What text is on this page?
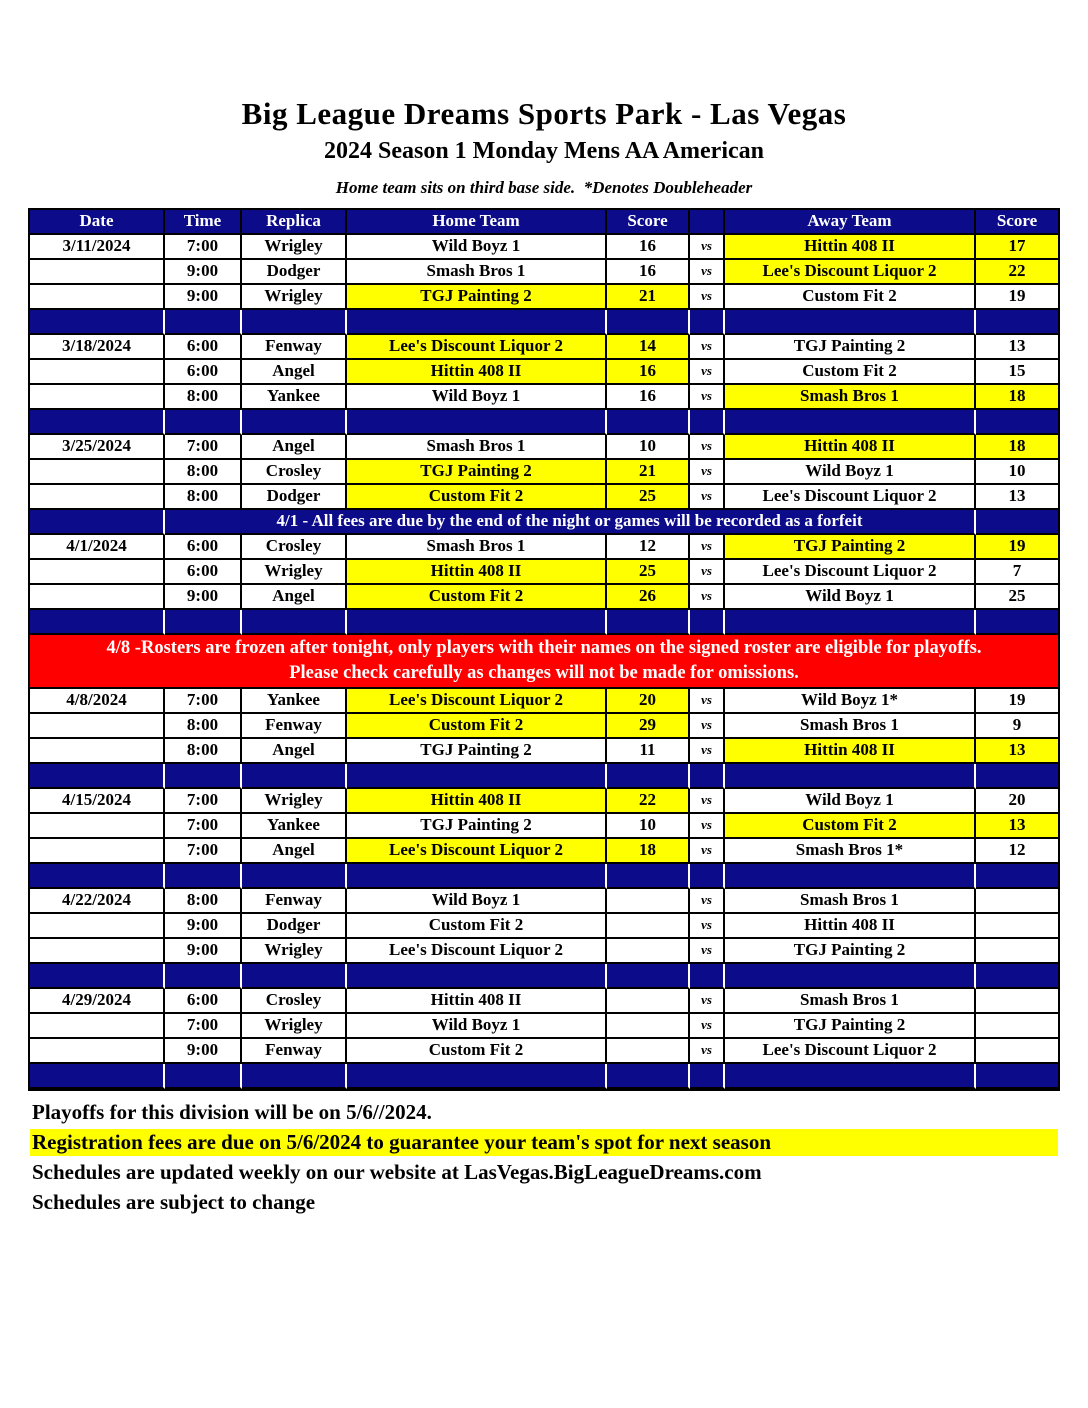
Big League Dreams Sports Park - Las Vegas
2024 Season 1 Monday Mens AA American
Home team sits on third base side.  *Denotes Doubleheader
Date	Time	Replica	Home Team	Score	Away Team	Score
3/11/2024	7:00	Wrigley	Wild Boyz 1	16	vs	Hittin 408 II	17
9:00	Dodger	Smash Bros 1	16	vs	Lee's Discount Liquor 2	22
9:00	Wrigley	TGJ Painting 2	21	vs	Custom Fit 2	19
3/18/2024	6:00	Fenway	Lee's Discount Liquor 2	14	vs	TGJ Painting 2	13
6:00	Angel	Hittin 408 II	16	vs	Custom Fit 2	15
8:00	Yankee	Wild Boyz 1	16	vs	Smash Bros 1	18
3/25/2024	7:00	Angel	Smash Bros 1	10	vs	Hittin 408 II	18
8:00	Crosley	TGJ Painting 2	21	vs	Wild Boyz 1	10
8:00	Dodger	Custom Fit 2	25	vs	Lee's Discount Liquor 2	13
4/1 - All fees are due by the end of the night or games will be recorded as a forfeit
4/1/2024	6:00	Crosley	Smash Bros 1	12	vs	TGJ Painting 2	19
6:00	Wrigley	Hittin 408 II	25	vs	Lee's Discount Liquor 2	7
9:00	Angel	Custom Fit 2	26	vs	Wild Boyz 1	25
4/8 -Rosters are frozen after tonight, only players with their names on the signed roster are eligible for playoffs.
Please check carefully as changes will not be made for omissions.
4/8/2024	7:00	Yankee	Lee's Discount Liquor 2	20	vs	Wild Boyz 1*	19
8:00	Fenway	Custom Fit 2	29	vs	Smash Bros 1	9
8:00	Angel	TGJ Painting 2	11	vs	Hittin 408 II	13
4/15/2024	7:00	Wrigley	Hittin 408 II	22	vs	Wild Boyz 1	20
7:00	Yankee	TGJ Painting 2	10	vs	Custom Fit 2	13
7:00	Angel	Lee's Discount Liquor 2	18	vs	Smash Bros 1*	12
4/22/2024	8:00	Fenway	Wild Boyz 1	vs	Smash Bros 1
9:00	Dodger	Custom Fit 2	vs	Hittin 408 II
9:00	Wrigley	Lee's Discount Liquor 2	vs	TGJ Painting 2
4/29/2024	6:00	Crosley	Hittin 408 II	vs	Smash Bros 1
7:00	Wrigley	Wild Boyz 1	vs	TGJ Painting 2
9:00	Fenway	Custom Fit 2	vs	Lee's Discount Liquor 2
Playoffs for this division will be on 5/6//2024.
Registration fees are due on 5/6/2024 to guarantee your team's spot for next season
Schedules are updated weekly on our website at LasVegas.BigLeagueDreams.com
Schedules are subject to change
